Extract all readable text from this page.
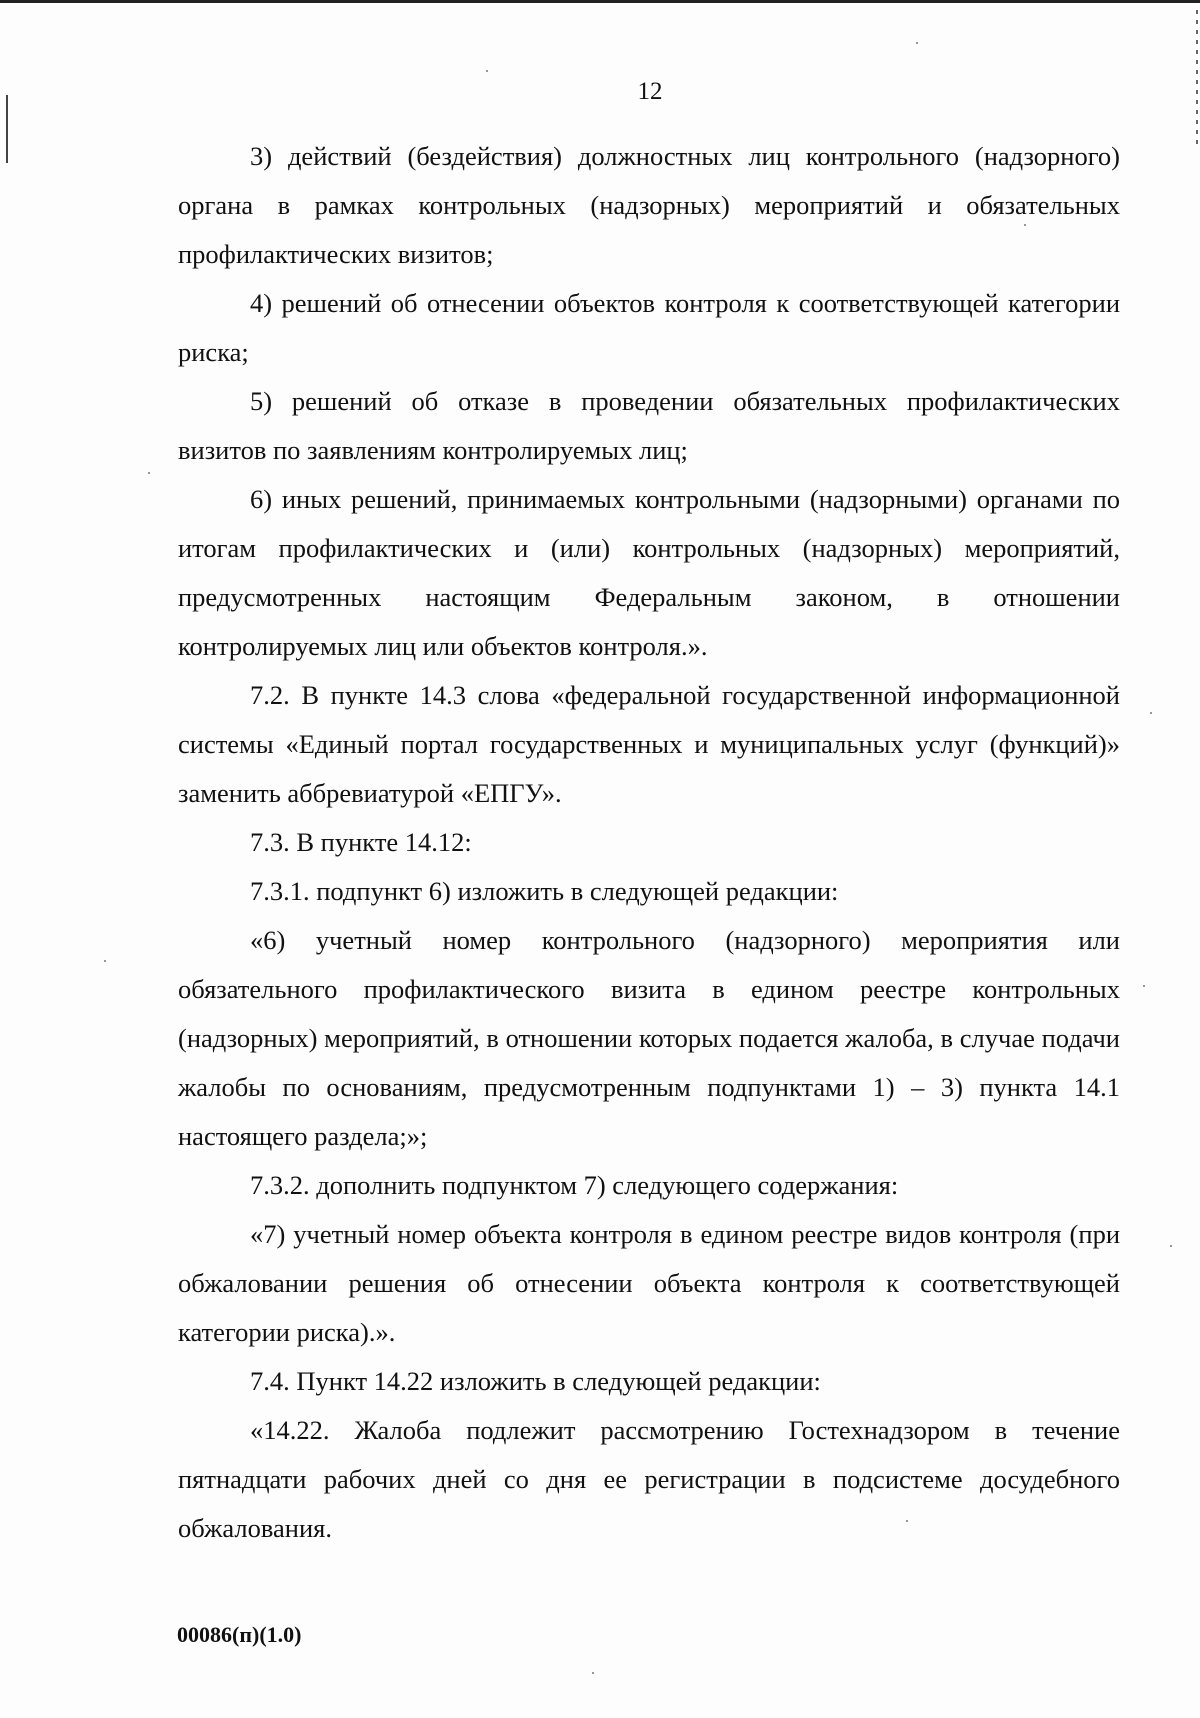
12
3) действий (бездействия) должностных лиц контрольного (надзорного) органа в рамках контрольных (надзорных) мероприятий и обязательных профилактических визитов;
4) решений об отнесении объектов контроля к соответствующей категории риска;
5) решений об отказе в проведении обязательных профилактических визитов по заявлениям контролируемых лиц;
6) иных решений, принимаемых контрольными (надзорными) органами по итогам профилактических и (или) контрольных (надзорных) мероприятий, предусмотренных настоящим Федеральным законом, в отношении контролируемых лиц или объектов контроля.».
7.2. В пункте 14.3 слова «федеральной государственной информационной системы «Единый портал государственных и муниципальных услуг (функций)» заменить аббревиатурой «ЕПГУ».
7.3. В пункте 14.12:
7.3.1. подпункт 6) изложить в следующей редакции:
«6) учетный номер контрольного (надзорного) мероприятия или обязательного профилактического визита в едином реестре контрольных (надзорных) мероприятий, в отношении которых подается жалоба, в случае подачи жалобы по основаниям, предусмотренным подпунктами 1) – 3) пункта 14.1 настоящего раздела;»;
7.3.2. дополнить подпунктом 7) следующего содержания:
«7) учетный номер объекта контроля в едином реестре видов контроля (при обжаловании решения об отнесении объекта контроля к соответствующей категории риска).».
7.4. Пункт 14.22 изложить в следующей редакции:
«14.22. Жалоба подлежит рассмотрению Гостехнадзором в течение пятнадцати рабочих дней со дня ее регистрации в подсистеме досудебного обжалования.
00086(п)(1.0)
